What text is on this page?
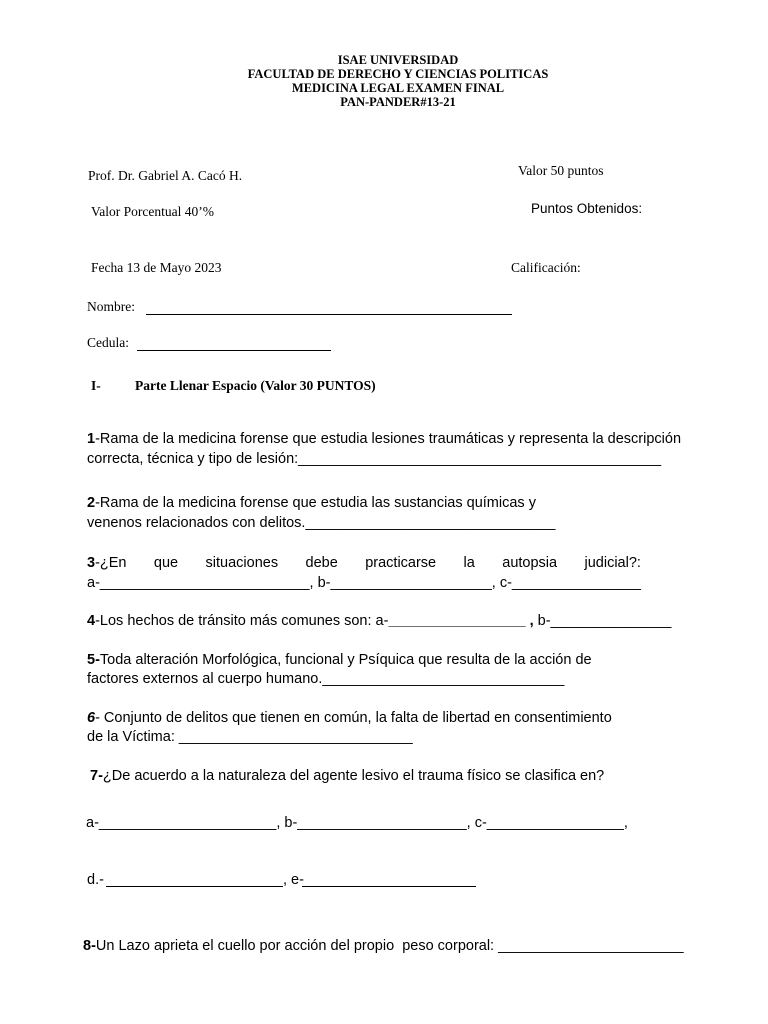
ISAE UNIVERSIDAD
FACULTAD DE DERECHO Y CIENCIAS POLITICAS
MEDICINA LEGAL EXAMEN FINAL
PAN-PANDER#13-21
Prof. Dr. Gabriel A. Cacó H.	Valor 50 puntos
Valor Porcentual 40’%	Puntos Obtenidos:
Fecha 13 de Mayo 2023	Calificación:
Nombre:
Cedula:
I-	Parte Llenar Espacio (Valor 30 PUNTOS)
1-Rama de la medicina forense que estudia lesiones traumáticas y representa la descripción
correcta, técnica y tipo de lesión:_____________________________________________
2-Rama de la medicina forense que estudia las sustancias químicas y
venenos relacionados con delitos._______________________________
3-¿En que situaciones debe practicarse la autopsia judicial?:
a-__________________________, b-____________________, c-________________
4-Los hechos de tránsito más comunes son: a-_________________ , b-_______________
5-Toda alteración Morfológica, funcional y Psíquica que resulta de la acción de
factores externos al cuerpo humano.______________________________
6- Conjunto de delitos que tienen en común, la falta de libertad en consentimiento
de la Víctima: _____________________________
7-¿De acuerdo a la naturaleza del agente lesivo el trauma físico se clasifica en?
a-______________________, b-_____________________, c-_________________,
d.-	, e-
8-Un Lazo aprieta el cuello por acción del propio  peso corporal: _______________________
